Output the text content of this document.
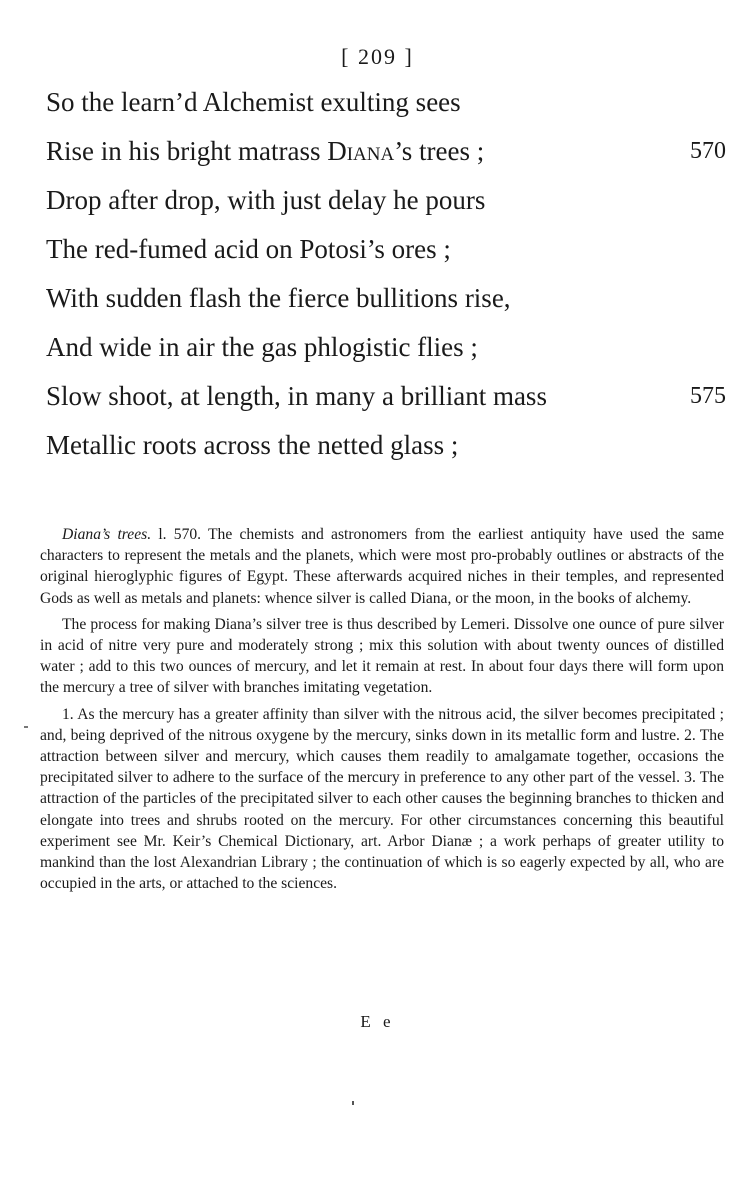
[ 209 ]
So the learn’d Alchemist exulting sees
Rise in his bright matrass Diana’s trees ;	570
Drop after drop, with just delay he pours
The red-fumed acid on Potosi’s ores ;
With sudden flash the fierce bullitions rise,
And wide in air the gas phlogistic flies ;
Slow shoot, at length, in many a brilliant mass	575
Metallic roots across the netted glass ;

Diana’s trees. l. 570. The chemists and astronomers from the earliest antiquity have used the same characters to represent the metals and the planets, which were most pro-probably outlines or abstracts of the original hieroglyphic figures of Egypt. These afterwards acquired niches in their temples, and represented Gods as well as metals and planets: whence silver is called Diana, or the moon, in the books of alchemy.

The process for making Diana’s silver tree is thus described by Lemeri. Dissolve one ounce of pure silver in acid of nitre very pure and moderately strong ; mix this solution with about twenty ounces of distilled water ; add to this two ounces of mercury, and let it remain at rest. In about four days there will form upon the mercury a tree of silver with branches imitating vegetation.

1. As the mercury has a greater affinity than silver with the nitrous acid, the silver becomes precipitated ; and, being deprived of the nitrous oxygene by the mercury, sinks down in its metallic form and lustre. 2. The attraction between silver and mercury, which causes them readily to amalgamate together, occasions the precipitated silver to adhere to the surface of the mercury in preference to any other part of the vessel. 3. The attraction of the particles of the precipitated silver to each other causes the beginning branches to thicken and elongate into trees and shrubs rooted on the mercury. For other circumstances concerning this beautiful experiment see Mr. Keir’s Chemical Dictionary, art. Arbor Dianæ ; a work perhaps of greater utility to mankind than the lost Alexandrian Library ; the continuation of which is so eagerly expected by all, who are occupied in the arts, or attached to the sciences.

E e
